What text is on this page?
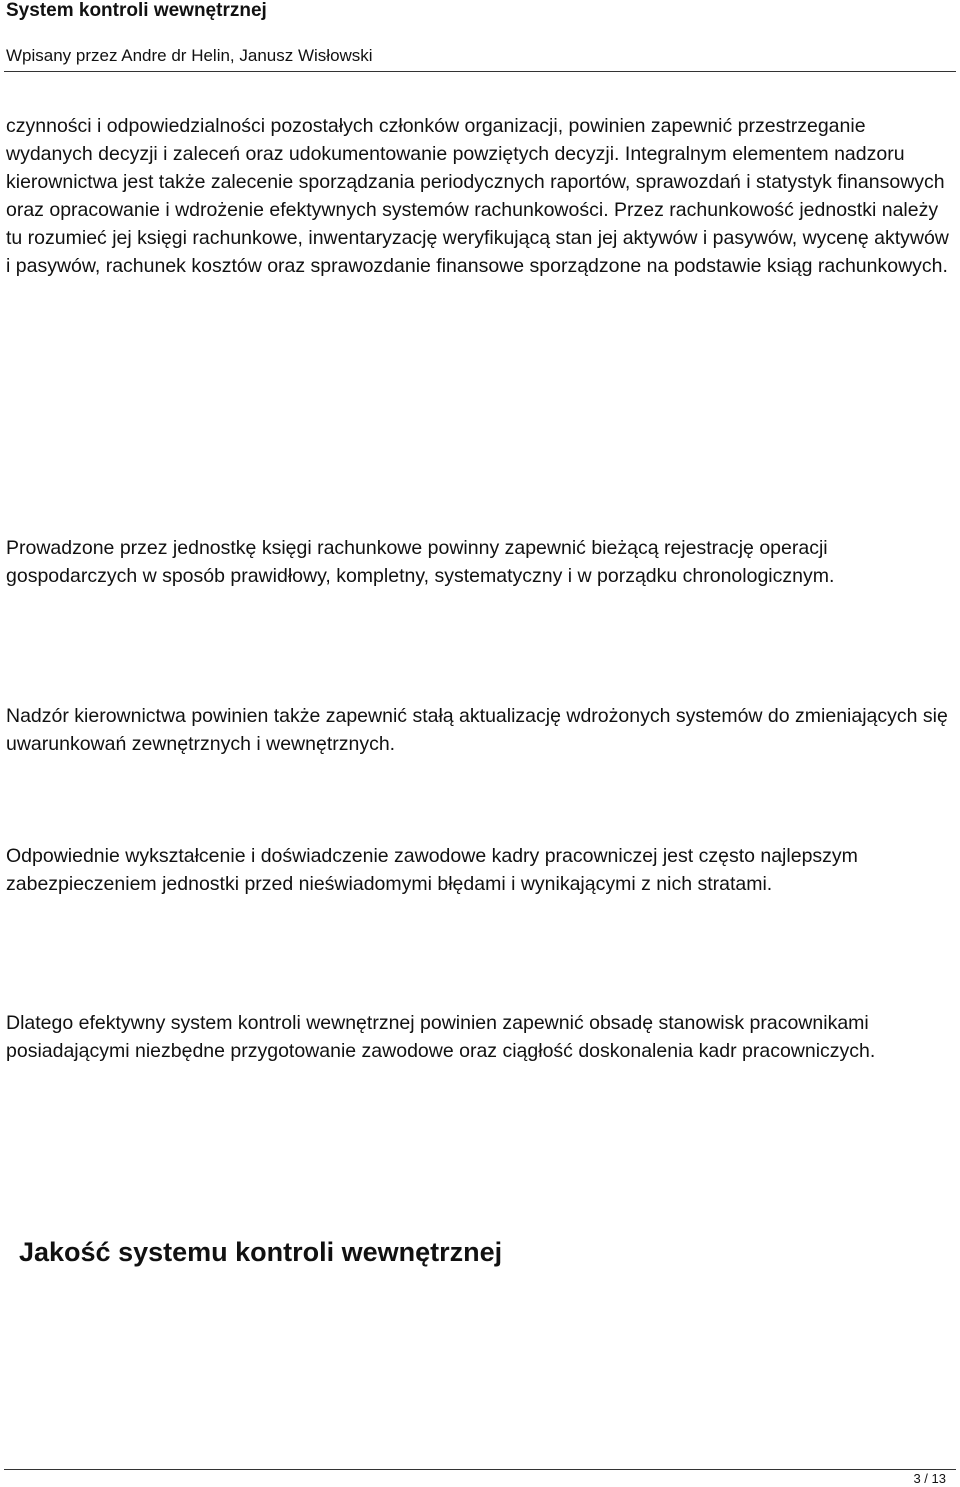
System kontroli wewnętrznej
Wpisany przez Andre dr Helin, Janusz Wisłowski

czynności i odpowiedzialności pozostałych członków organizacji, powinien zapewnić przestrzeganie wydanych decyzji i zaleceń oraz udokumentowanie powziętych decyzji. Integralnym elementem nadzoru kierownictwa jest także zalecenie sporządzania periodycznych raportów, sprawozdań i statystyk finansowych oraz opracowanie i wdrożenie efektywnych systemów rachunkowości. Przez rachunkowość jednostki należy tu rozumieć jej księgi rachunkowe, inwentaryzację weryfikującą stan jej aktywów i pasywów, wycenę aktywów i pasywów, rachunek kosztów oraz sprawozdanie finansowe sporządzone na podstawie ksiąg rachunkowych.

Prowadzone przez jednostkę księgi rachunkowe powinny zapewnić bieżącą rejestrację operacji gospodarczych w sposób prawidłowy, kompletny, systematyczny i w porządku chronologicznym.

Nadzór kierownictwa powinien także zapewnić stałą aktualizację wdrożonych systemów do zmieniających się uwarunkowań zewnętrznych i wewnętrznych.

Odpowiednie wykształcenie i doświadczenie zawodowe kadry pracowniczej jest często najlepszym zabezpieczeniem jednostki przed nieświadomymi błędami i wynikającymi z nich stratami.

Dlatego efektywny system kontroli wewnętrznej powinien zapewnić obsadę stanowisk pracownikami posiadającymi niezbędne przygotowanie zawodowe oraz ciągłość doskonalenia kadr pracowniczych.

Jakość systemu kontroli wewnętrznej
3 / 13
